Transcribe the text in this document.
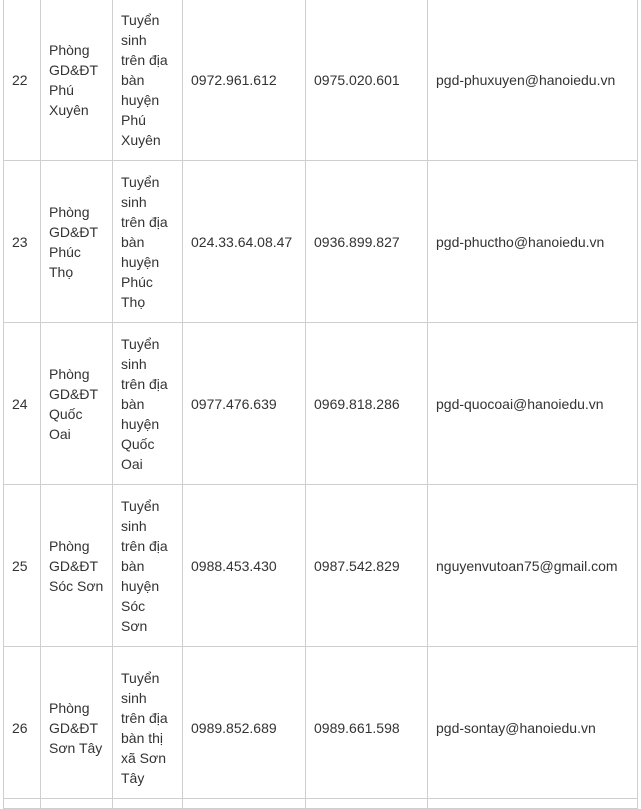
22	Phòng GD&ĐT Phú Xuyên	Tuyển sinh trên địa bàn huyện Phú Xuyên	0972.961.612	0975.020.601	pgd-phuxuyen@hanoiedu.vn
23	Phòng GD&ĐT Phúc Thọ	Tuyển sinh trên địa bàn huyện Phúc Thọ	024.33.64.08.47	0936.899.827	pgd-phuctho@hanoiedu.vn
24	Phòng GD&ĐT Quốc Oai	Tuyển sinh trên địa bàn huyện Quốc Oai	0977.476.639	0969.818.286	pgd-quocoai@hanoiedu.vn
25	Phòng GD&ĐT Sóc Sơn	Tuyển sinh trên địa bàn huyện Sóc Sơn	0988.453.430	0987.542.829	nguyenvutoan75@gmail.com
26	Phòng GD&ĐT Sơn Tây	Tuyển sinh trên địa bàn thị xã Sơn Tây	0989.852.689	0989.661.598	pgd-sontay@hanoiedu.vn
